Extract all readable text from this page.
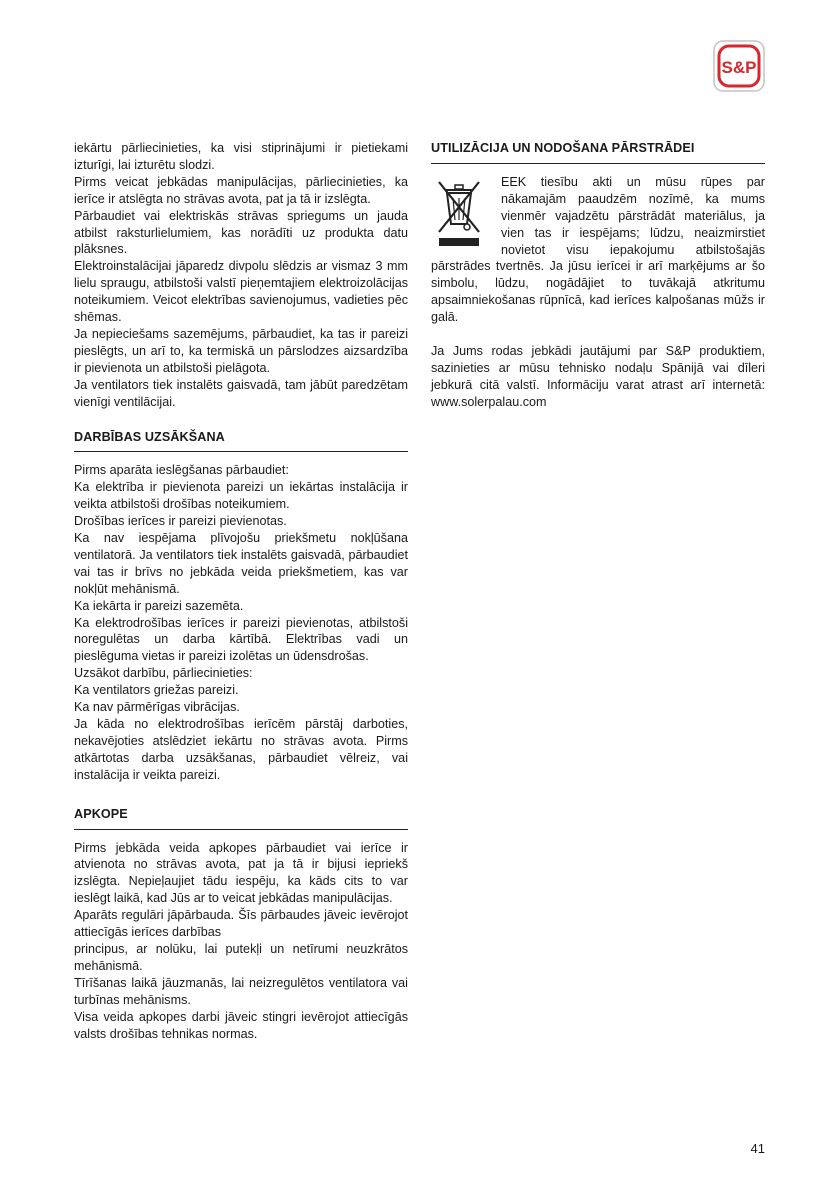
S&P

iekārtu pārliecinieties, ka visi stiprinājumi ir pietiekami izturīgi, lai izturētu slodzi.

Pirms veicat jebkādas manipulācijas, pārliecinieties, ka ierīce ir atslēgta no strāvas avota, pat ja tā ir izslēgta.

Pārbaudiet vai elektriskās strāvas spriegums un jauda atbilst raksturlielumiem, kas norādīti uz produkta datu plāksnes.

Elektroinstalācijai jāparedz divpolu slēdzis ar vismaz 3 mm lielu spraugu, atbilstoši valstī pieņemtajiem elektroizolācijas noteikumiem. Veicot elektrības savienojumus, vadieties pēc shēmas.

Ja nepieciešams sazemējums, pārbaudiet, ka tas ir pareizi pieslēgts, un arī to, ka termiskā un pārslodzes aizsardzība ir pievienota un atbilstoši pielāgota.

Ja ventilators tiek instalēts gaisvadā, tam jābūt paredzētam vienīgi ventilācijai.

DARBĪBAS UZSĀKŠANA

Pirms aparāta ieslēgšanas pārbaudiet:

Ka elektrība ir pievienota pareizi un iekārtas instalācija ir veikta atbilstoši drošības noteikumiem.

Drošības ierīces ir pareizi pievienotas.

Ka nav iespējama plīvojošu priekšmetu nokļūšana ventilatorā. Ja ventilators tiek instalēts gaisvadā, pārbaudiet vai tas ir brīvs no jebkāda veida priekšmetiem, kas var nokļūt mehānismā.

Ka iekārta ir pareizi sazemēta.

Ka elektrodrošības ierīces ir pareizi pievienotas, atbilstoši noregulētas un darba kārtībā. Elektrības vadi un pieslēguma vietas ir pareizi izolētas un ūdensdrošas.

Uzsākot darbību, pārliecinieties:

Ka ventilators griežas pareizi.

Ka nav pārmērīgas vibrācijas.

Ja kāda no elektrodrošības ierīcēm pārstāj darboties, nekavējoties atslēdziet iekārtu no strāvas avota. Pirms atkārtotas darba uzsākšanas, pārbaudiet vēlreiz, vai instalācija ir veikta pareizi.

APKOPE

Pirms jebkāda veida apkopes pārbaudiet vai ierīce ir atvienota no strāvas avota, pat ja tā ir bijusi iepriekš izslēgta. Nepieļaujiet tādu iespēju, ka kāds cits to var ieslēgt laikā, kad Jūs ar to veicat jebkādas manipulācijas.

Aparāts regulāri jāpārbauda. Šīs pārbaudes jāveic ievērojot attiecīgās ierīces darbības

principus, ar nolūku, lai putekļi un netīrumi neuzkrātos mehānismā.

Tīrīšanas laikā jāuzmanās, lai neizregulētos ventilatora vai turbīnas mehānisms.

Visa veida apkopes darbi jāveic stingri ievērojot attiecīgās valsts drošības tehnikas normas.

UTILIZĀCIJA UN NODOŠANA PĀRSTRĀDEI

EEK tiesību akti un mūsu rūpes par nākamajām paaudzēm nozīmē, ka mums vienmēr vajadzētu pārstrādāt materiālus, ja vien tas ir iespējams; lūdzu, neaizmirstiet novietot visu iepakojumu atbilstošajās pārstrādes tvertnēs. Ja jūsu ierīcei ir arī marķējums ar šo simbolu, lūdzu, nogādājiet to tuvākajā atkritumu apsaimniekošanas rūpnīcā, kad ierīces kalpošanas mūžs ir galā.

Ja Jums rodas jebkādi jautājumi par S&P produktiem, sazinieties ar mūsu tehnisko nodaļu Spānijā vai dīleri jebkurā citā valstī. Informāciju varat atrast arī internetā: www.solerpalau.com

41
